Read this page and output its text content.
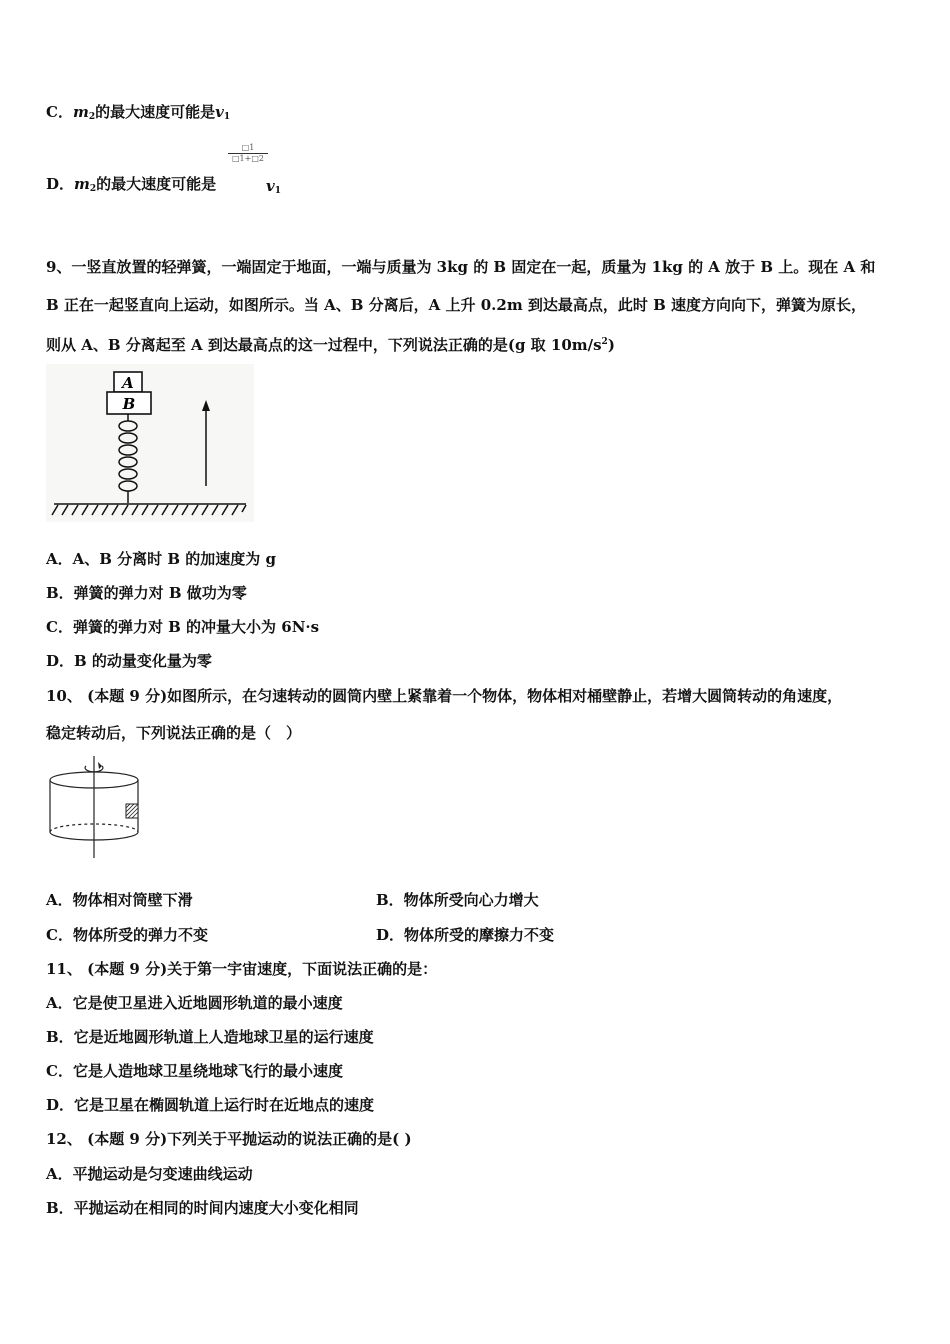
C．$m_2$的最大速度可能是$v_1$
$\frac{□1}{□1+□2}$
D．$m_2$的最大速度可能是	$v_1$
9、一竖直放置的轻弹簧，一端固定于地面，一端与质量为 3kg 的 B 固定在一起，质量为 1kg 的 A 放于 B 上。现在 A 和
B 正在一起竖直向上运动，如图所示。当 A、B 分离后，A 上升 0.2m 到达最高点，此时 B 速度方向向下，弹簧为原长，
则从 A、B 分离起至 A 到达最高点的这一过程中，下列说法正确的是(g 取 $10m/s^2$)
A
B
A．A、B 分离时 B 的加速度为 g
B．弹簧的弹力对 B 做功为零
C．弹簧的弹力对 B 的冲量大小为 6N·s
D．B 的动量变化量为零
10、 (本题 9 分)如图所示，在匀速转动的圆筒内壁上紧靠着一个物体，物体相对桶壁静止，若增大圆筒转动的角速度，
稳定转动后，下列说法正确的是（　）
A．物体相对筒壁下滑	B．物体所受向心力增大
C．物体所受的弹力不变	D．物体所受的摩擦力不变
11、 (本题 9 分)关于第一宇宙速度，下面说法正确的是：
A．它是使卫星进入近地圆形轨道的最小速度
B．它是近地圆形轨道上人造地球卫星的运行速度
C．它是人造地球卫星绕地球飞行的最小速度
D．它是卫星在椭圆轨道上运行时在近地点的速度
12、 (本题 9 分)下列关于平抛运动的说法正确的是( )
A．平抛运动是匀变速曲线运动
B．平抛运动在相同的时间内速度大小变化相同
